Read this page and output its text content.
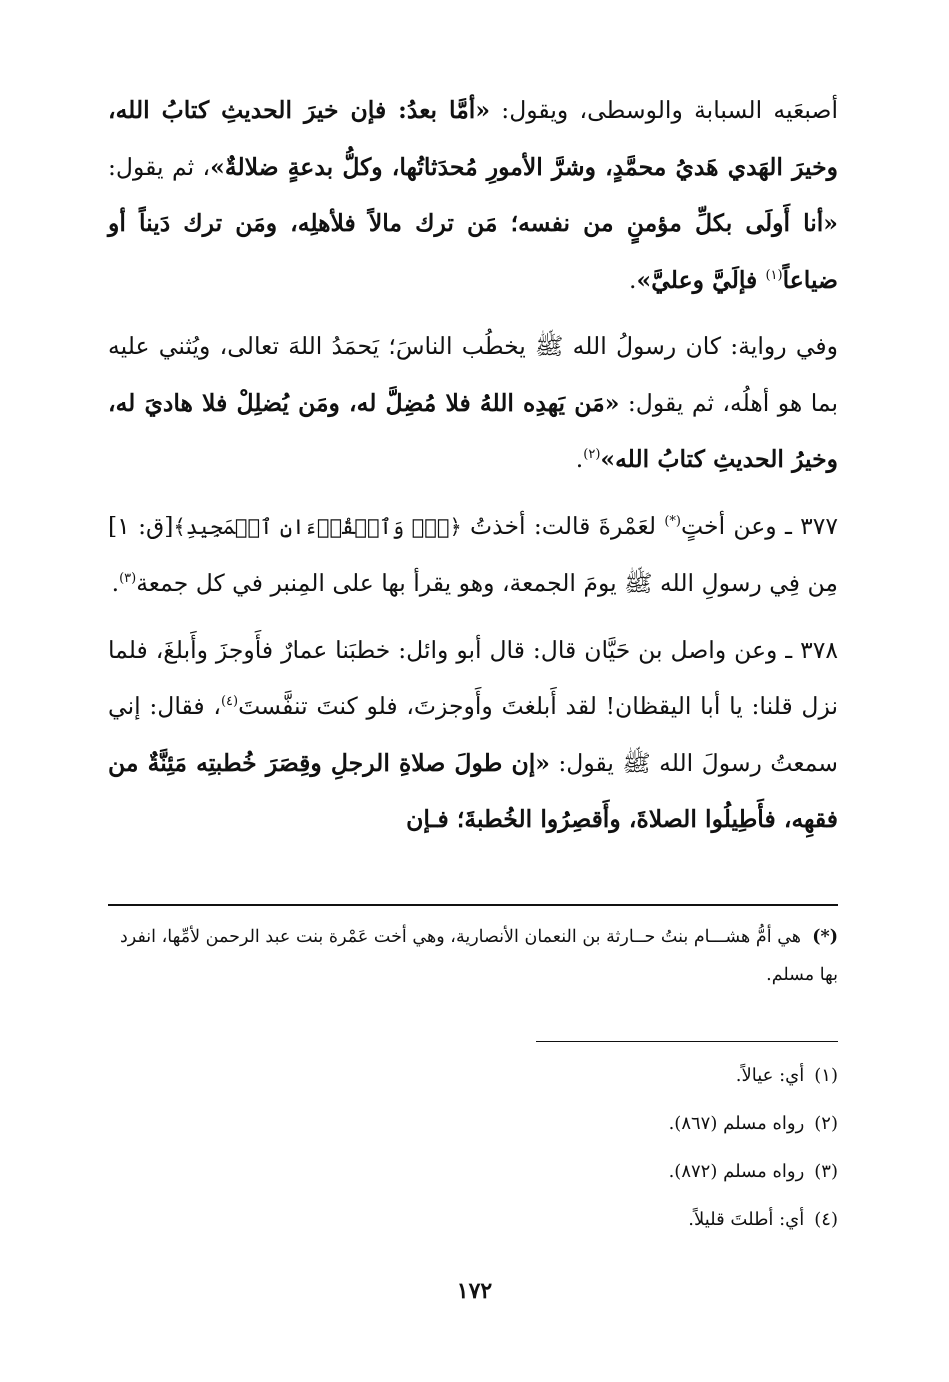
أصبعَيه السبابة والوسطى، ويقول: «أمَّا بعدُ: فإن خيرَ الحديثِ كتابُ الله، وخيرَ الهَدي هَديُ محمَّدٍ، وشرَّ الأمورِ مُحدَثاتُها، وكلُّ بدعةٍ ضلالةٌ»، ثم يقول: «أنا أَولَى بكلِّ مؤمنٍ من نفسه؛ مَن ترك مالاً فلأهلِه، ومَن ترك دَيناً أو ضياعاً$^{(١)}$ فإلَيَّ وعليَّ».

وفي رواية: كان رسولُ الله ﷺ يخطُب الناسَ؛ يَحمَدُ اللهَ تعالى، ويُثني عليه بما هو أهلُه، ثم يقول: «مَن يَهدِه اللهُ فلا مُضِلَّ له، ومَن يُضلِلْ فلا هاديَ له، وخيرُ الحديثِ كتابُ الله»$^{(٢)}$.

٣٧٧ ـ وعن أختٍ(*) لعَمْرةَ قالت: أخذتُ ﴿قٓۚ وَٱلۡقُرۡءَانِ ٱلۡمَجِيدِ﴾[ق: ١] مِن فِي رسولِ الله ﷺ يومَ الجمعة، وهو يقرأ بها على المِنبر في كل جمعة$^{(٣)}$.

٣٧٨ ـ وعن واصل بن حَيَّان قال: قال أبو وائل: خطبَنا عمارٌ فأَوجزَ وأَبلغَ، فلما نزل قلنا: يا أبا اليقظان! لقد أَبلغتَ وأَوجزتَ، فلو كنتَ تنفَّستَ$^{(٤)}$، فقال: إني سمعتُ رسولَ الله ﷺ يقول: «إن طولَ صلاةِ الرجلِ وقِصَرَ خُطبتِه مَئِنَّةٌ من فقهِه، فأَطِيلُوا الصلاةَ، وأَقصِرُوا الخُطبةَ؛ فـإن

(*)  هي أمُّ هشـــام بنتُ حــارثة بن النعمان الأنصارية، وهي أخت عَمْرة بنت عبد الرحمن لأمِّها، انفرد بها مسلم.
(١)أي: عيالاً.
(٢)رواه مسلم (٨٦٧).
(٣)رواه مسلم (٨٧٢).
(٤)أي: أطلتَ قليلاً.
١٧٢
